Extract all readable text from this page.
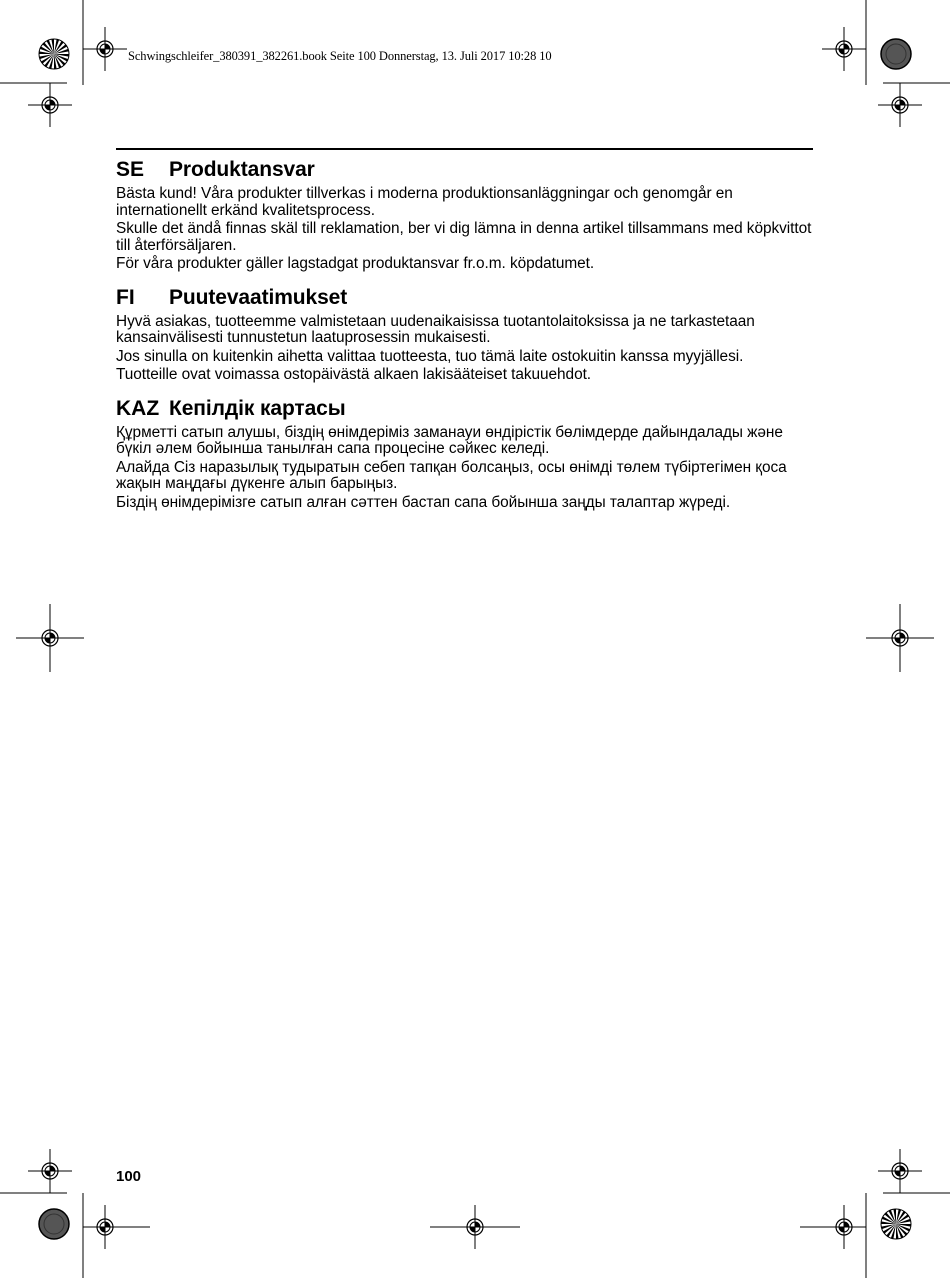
Schwingschleifer_380391_382261.book Seite 100 Donnerstag, 13. Juli 2017 10:28 10
SE	Produktansvar

Bästa kund! Våra produkter tillverkas i moderna produktionsanläggningar och genomgår en internationellt erkänd kvalitetsprocess.

Skulle det ändå finnas skäl till reklamation, ber vi dig lämna in denna artikel tillsammans med köpkvittot till återförsäljaren.

För våra produkter gäller lagstadgat produktansvar fr.o.m. köpdatumet.

FI	Puutevaatimukset

Hyvä asiakas, tuotteemme valmistetaan uudenaikaisissa tuotantolaitoksissa ja ne tarkastetaan kansainvälisesti tunnustetun laatuprosessin mukaisesti.

Jos sinulla on kuitenkin aihetta valittaa tuotteesta, tuo tämä laite ostokuitin kanssa myyjällesi.

Tuotteille ovat voimassa ostopäivästä alkaen lakisääteiset takuuehdot.

KAZ Кепілдік картасы

Құрметті сатып алушы, біздің өнімдеріміз заманауи өндірістік бөлімдерде дайындалады және бүкіл әлем бойынша танылған сапа процесіне сәйкес келеді.

Алайда Сіз наразылық тудыратын себеп тапқан болсаңыз, осы өнімді төлем түбіртегімен қоса жақын маңдағы дүкенге алып барыңыз.

Біздің өнімдерімізге сатып алған сәттен бастап сапа бойынша заңды талаптар жүреді.

100
